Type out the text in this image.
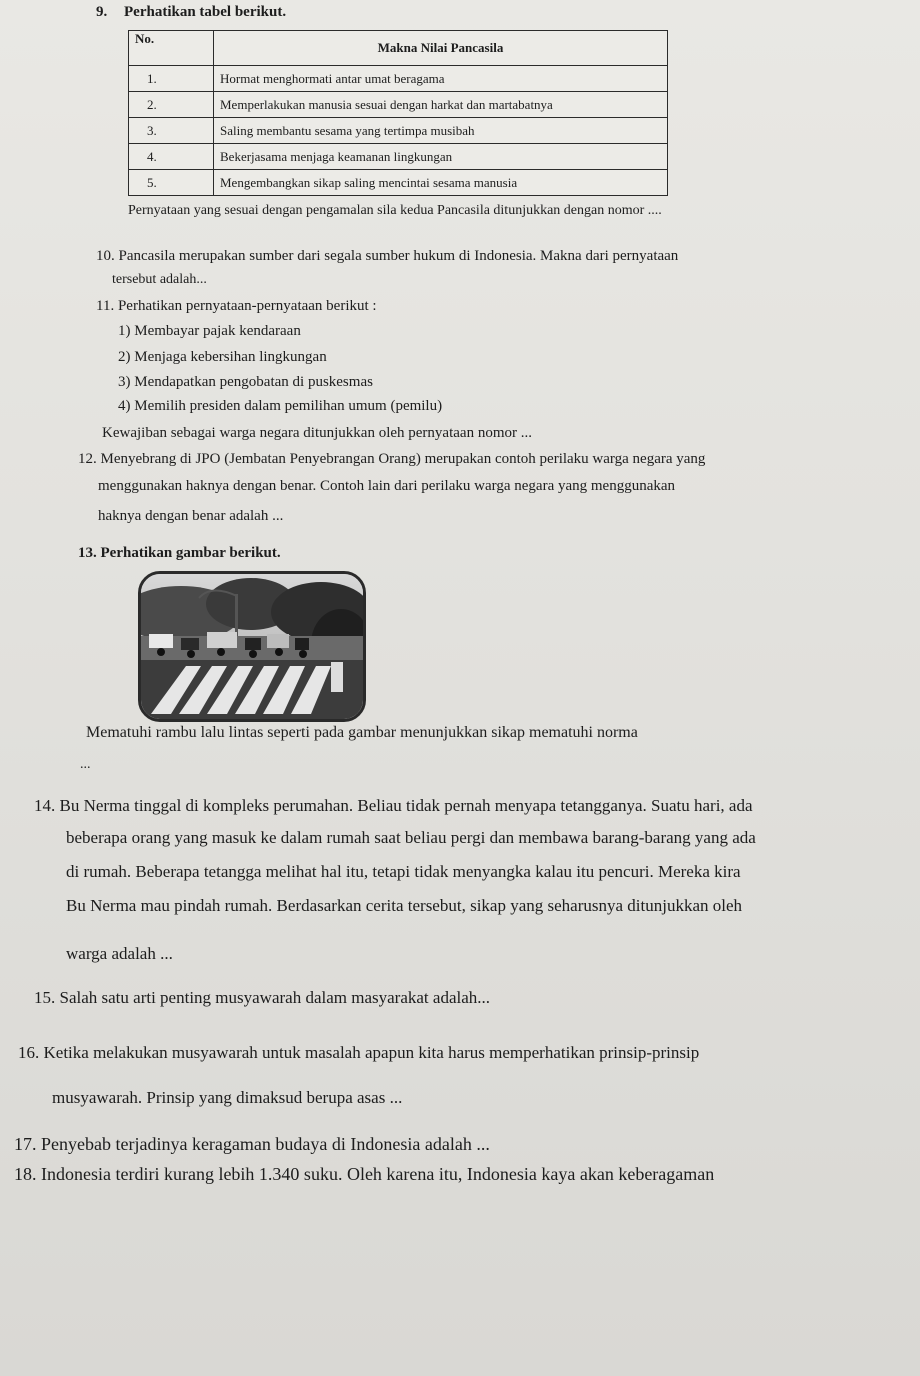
9. Perhatikan tabel berikut.

No.	Makna Nilai Pancasila
1.	Hormat menghormati antar umat beragama
2.	Memperlakukan manusia sesuai dengan harkat dan martabatnya
3.	Saling membantu sesama yang tertimpa musibah
4.	Bekerjasama menjaga keamanan lingkungan
5.	Mengembangkan sikap saling mencintai sesama manusia

Pernyataan yang sesuai dengan pengamalan sila kedua Pancasila ditunjukkan dengan nomor ....

10. Pancasila merupakan sumber dari segala sumber hukum di Indonesia. Makna dari pernyataan

tersebut adalah...

11. Perhatikan pernyataan-pernyataan berikut :

1) Membayar pajak kendaraan

2) Menjaga kebersihan lingkungan

3) Mendapatkan pengobatan di puskesmas

4) Memilih presiden dalam pemilihan umum (pemilu)

Kewajiban sebagai warga negara ditunjukkan oleh pernyataan nomor ...

12. Menyebrang di JPO (Jembatan Penyebrangan Orang) merupakan contoh perilaku warga negara yang

menggunakan haknya dengan benar. Contoh lain dari perilaku warga negara yang menggunakan

haknya dengan benar adalah ...

13. Perhatikan gambar berikut.

Mematuhi rambu lalu lintas seperti pada gambar menunjukkan sikap mematuhi norma

...

14. Bu Nerma tinggal di kompleks perumahan. Beliau tidak pernah menyapa tetangganya. Suatu hari, ada

beberapa orang yang masuk ke dalam rumah saat beliau pergi dan membawa barang-barang yang ada

di rumah. Beberapa tetangga melihat hal itu, tetapi tidak menyangka kalau itu pencuri. Mereka kira

Bu Nerma mau pindah rumah. Berdasarkan cerita tersebut, sikap yang seharusnya ditunjukkan oleh

warga adalah ...

15. Salah satu arti penting musyawarah dalam masyarakat adalah...

16. Ketika melakukan musyawarah untuk masalah apapun kita harus memperhatikan prinsip-prinsip

musyawarah. Prinsip yang dimaksud berupa asas ...

17. Penyebab terjadinya keragaman budaya di Indonesia adalah ...

18. Indonesia terdiri kurang lebih 1.340 suku. Oleh karena itu, Indonesia kaya akan keberagaman
